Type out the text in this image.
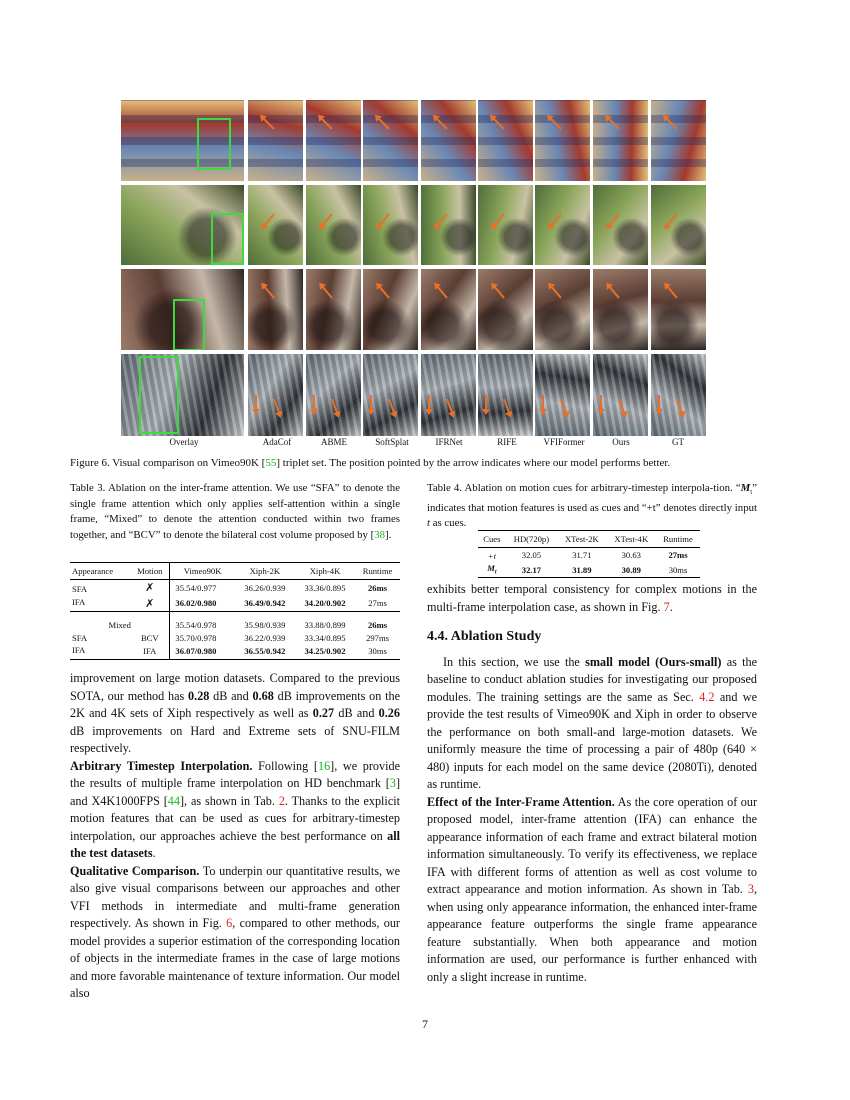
Overlay	AdaCof	ABME	SoftSplat	IFRNet	RIFE	VFIFormer	Ours	GT
Figure 6. Visual comparison on Vimeo90K [55] triplet set. The position pointed by the arrow indicates where our model performs better.
Table 3. Ablation on the inter-frame attention. We use “SFA” to denote the single frame attention which only applies self-attention within a single frame, “Mixed” to denote the attention conducted within two frames together, and “BCV” to denote the bilateral cost volume proposed by [38].
Appearance	Motion	Vimeo90K	Xiph-2K	Xiph-4K	Runtime
SFA	✗	35.54/0.977	36.26/0.939	33.36/0.895	26ms
IFA	✗	36.02/0.980	36.49/0.942	34.20/0.902	27ms
Mixed		35.54/0.978	35.98/0.939	33.88/0.899	26ms
SFA	BCV	35.70/0.978	36.22/0.939	33.34/0.895	297ms
IFA	IFA	36.07/0.980	36.55/0.942	34.25/0.902	30ms

improvement on large motion datasets. Compared to the previous SOTA, our method has 0.28 dB and 0.68 dB improvements on the 2K and 4K sets of Xiph respectively as well as 0.27 dB and 0.26 dB improvements on Hard and Extreme sets of SNU-FILM respectively.

Arbitrary Timestep Interpolation. Following [16], we provide the results of multiple frame interpolation on HD benchmark [3] and X4K1000FPS [44], as shown in Tab. 2. Thanks to the explicit motion features that can be used as cues for arbitrary-timestep interpolation, our approaches achieve the best performance on all the test datasets.

Qualitative Comparison. To underpin our quantitative results, we also give visual comparisons between our approaches and other VFI methods in intermediate and multi-frame generation respectively. As shown in Fig. 6, compared to other methods, our model provides a superior estimation of the corresponding location of objects in the intermediate frames in the case of large motions and more favorable maintenance of texture information. Our model also

Table 4. Ablation on motion cues for arbitrary-timestep interpola-tion. “$M_t$” indicates that motion features is used as cues and “+t” denotes directly input t as cues.
Cues	HD(720p)	XTest-2K	XTest-4K	Runtime
+t	32.05	31.71	30.63	27ms
$M_t$	32.17	31.89	30.89	30ms

exhibits better temporal consistency for complex motions in the multi-frame interpolation case, as shown in Fig. 7.

4.4. Ablation Study

In this section, we use the small model (Ours-small) as the baseline to conduct ablation studies for investigating our proposed modules. The training settings are the same as Sec. 4.2 and we provide the test results of Vimeo90K and Xiph in order to observe the performance on both small-and large-motion datasets. We uniformly measure the time of processing a pair of 480p (640 × 480) inputs for each model on the same device (2080Ti), denoted as runtime.

Effect of the Inter-Frame Attention. As the core operation of our proposed model, inter-frame attention (IFA) can enhance the appearance information of each frame and extract bilateral motion information simultaneously. To verify its effectiveness, we replace IFA with different forms of attention as well as cost volume to extract appearance and motion information. As shown in Tab. 3, when using only appearance information, the enhanced inter-frame appearance feature outperforms the single frame appearance feature substantially. When both appearance and motion information are used, our performance is further enhanced with only a slight increase in runtime.

7
